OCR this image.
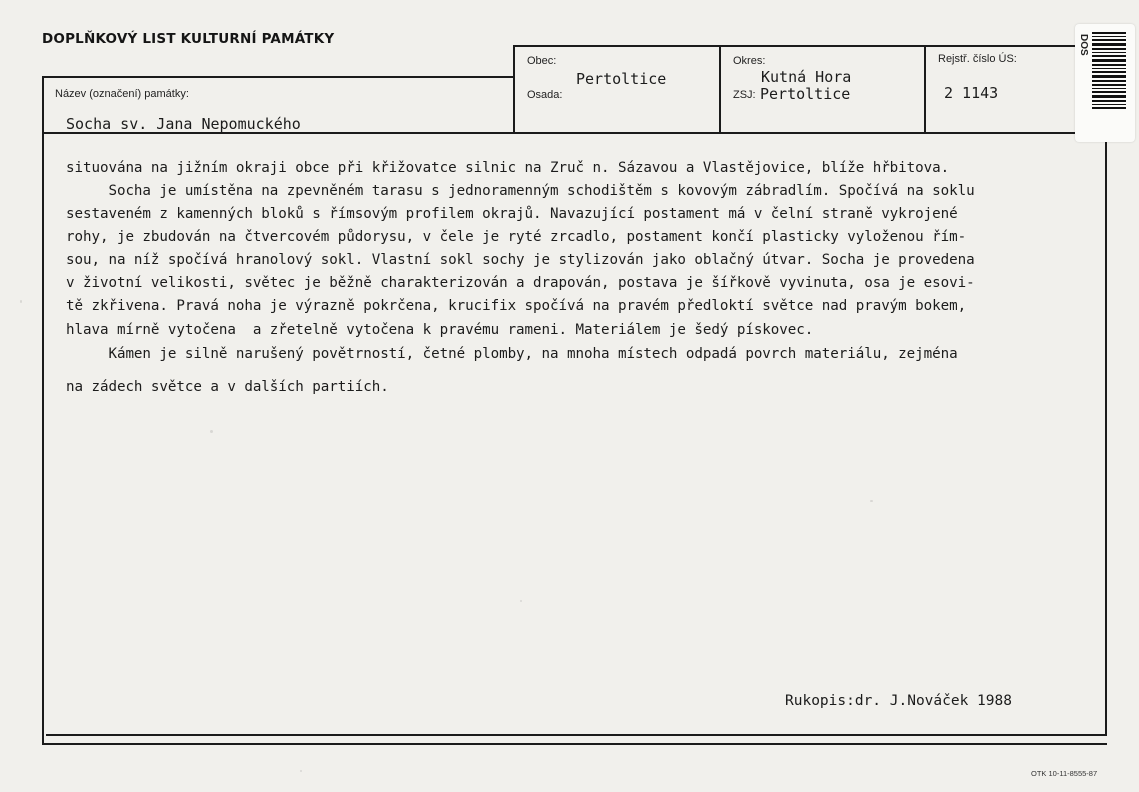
DOPLŇKOVÝ LIST KULTURNÍ PAMÁTKY
Název (označení) památky:
Socha sv. Jana Nepomuckého
Obec:
Pertoltice
Osada:
Okres:
Kutná Hora
ZSJ: Pertoltice
Rejstř. číslo ÚS:
2 1143
DOS
situována na jižním okraji obce při křižovatce silnic na Zruč n. Sázavou a Vlastějovice, blíže hřbitova.
Socha je umístěna na zpevněném tarasu s jednoramenným schodištěm s kovovým zábradlím. Spočívá na soklu
sestaveném z kamenných bloků s římsovým profilem okrajů. Navazující postament má v čelní straně vykrojené
rohy, je zbudován na čtvercovém půdorysu, v čele je ryté zrcadlo, postament končí plasticky vyloženou řím-
sou, na níž spočívá hranolový sokl. Vlastní sokl sochy je stylizován jako oblačný útvar. Socha je provedena
v životní velikosti, světec je běžně charakterizován a drapován, postava je šířkově vyvinuta, osa je esovi-
tě zkřivena. Pravá noha je výrazně pokrčena, krucifix spočívá na pravém předloktí světce nad pravým bokem,
hlava mírně vytočena  a zřetelně vytočena k pravému rameni. Materiálem je šedý pískovec.
Kámen je silně narušený povětrností, četné plomby, na mnoha místech odpadá povrch materiálu, zejména
na zádech světce a v dalších partiích.
Rukopis:dr. J.Nováček 1988
OTK 10-11-8555-87
